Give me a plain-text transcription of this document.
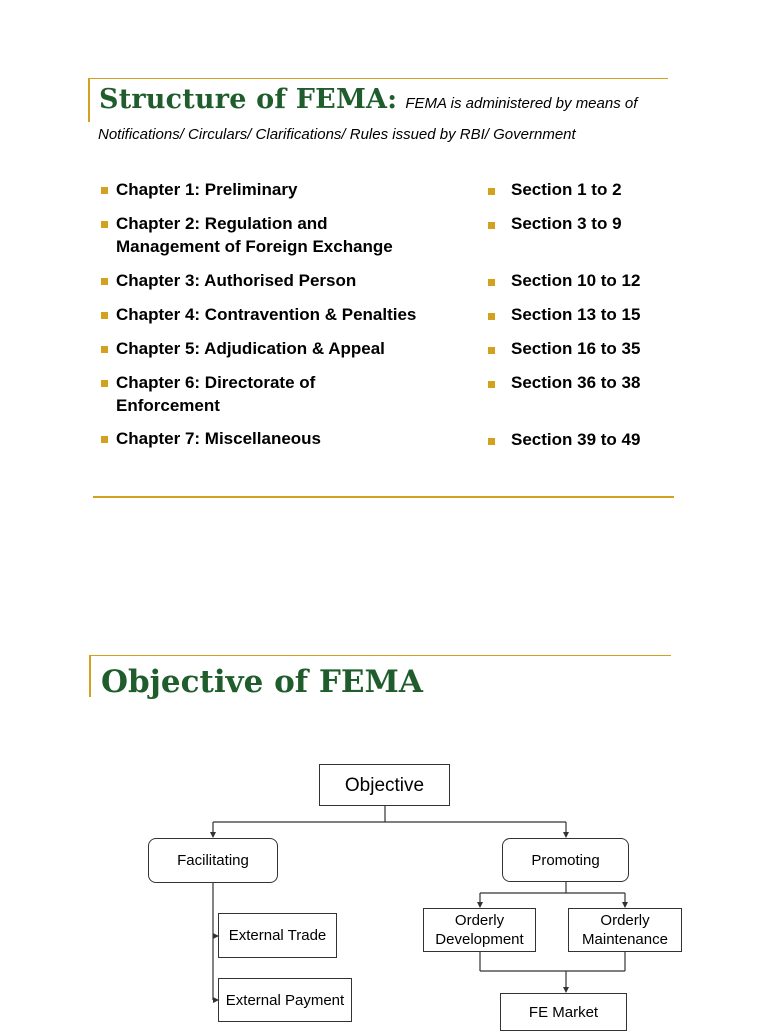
Structure of FEMA: FEMA is administered by means of
Notifications/ Circulars/ Clarifications/ Rules issued by RBI/ Government
Chapter 1: Preliminary
Chapter 2: Regulation and
Management of Foreign Exchange
Chapter 3: Authorised Person
Chapter 4: Contravention & Penalties
Chapter 5: Adjudication & Appeal
Chapter 6: Directorate of
Enforcement
Chapter 7: Miscellaneous
Section 1 to 2
Section 3 to 9
Section 10 to 12
Section 13 to 15
Section 16 to 35
Section 36 to 38
Section 39 to 49
Objective of FEMA
Objective
Facilitating	Promoting
External Trade
External Payment
Orderly
Development
Orderly
Maintenance
FE Market
